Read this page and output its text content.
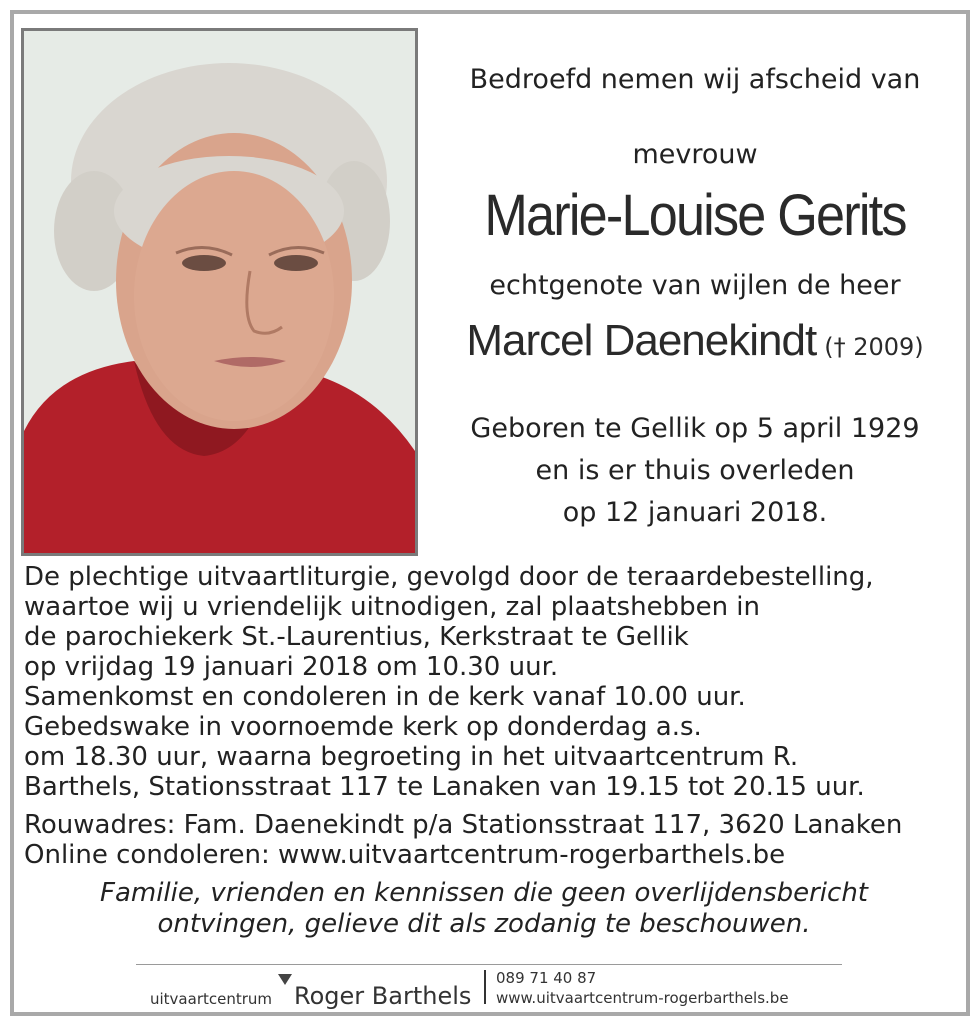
Bedroefd nemen wij afscheid van
mevrouw
Marie-Louise Gerits
echtgenote van wijlen de heer
Marcel Daenekindt († 2009)
Geboren te Gellik op 5 april 1929
en is er thuis overleden
op 12 januari 2018.
De plechtige uitvaartliturgie, gevolgd door de teraardebestelling,
waartoe wij u vriendelijk uitnodigen, zal plaatshebben in
de parochiekerk St.-Laurentius, Kerkstraat te Gellik
op vrijdag 19 januari 2018 om 10.30 uur.
Samenkomst en condoleren in de kerk vanaf 10.00 uur.
Gebedswake in voornoemde kerk op donderdag a.s.
om 18.30 uur, waarna begroeting in het uitvaartcentrum R.
Barthels, Stationsstraat 117 te Lanaken van 19.15 tot 20.15 uur.
Rouwadres: Fam. Daenekindt p/a Stationsstraat 117, 3620 Lanaken
Online condoleren: www.uitvaartcentrum-rogerbarthels.be
Familie, vrienden en kennissen die geen overlijdensbericht
ontvingen, gelieve dit als zodanig te beschouwen.
uitvaartcentrum Roger Barthels
089 71 40 87
www.uitvaartcentrum-rogerbarthels.be
